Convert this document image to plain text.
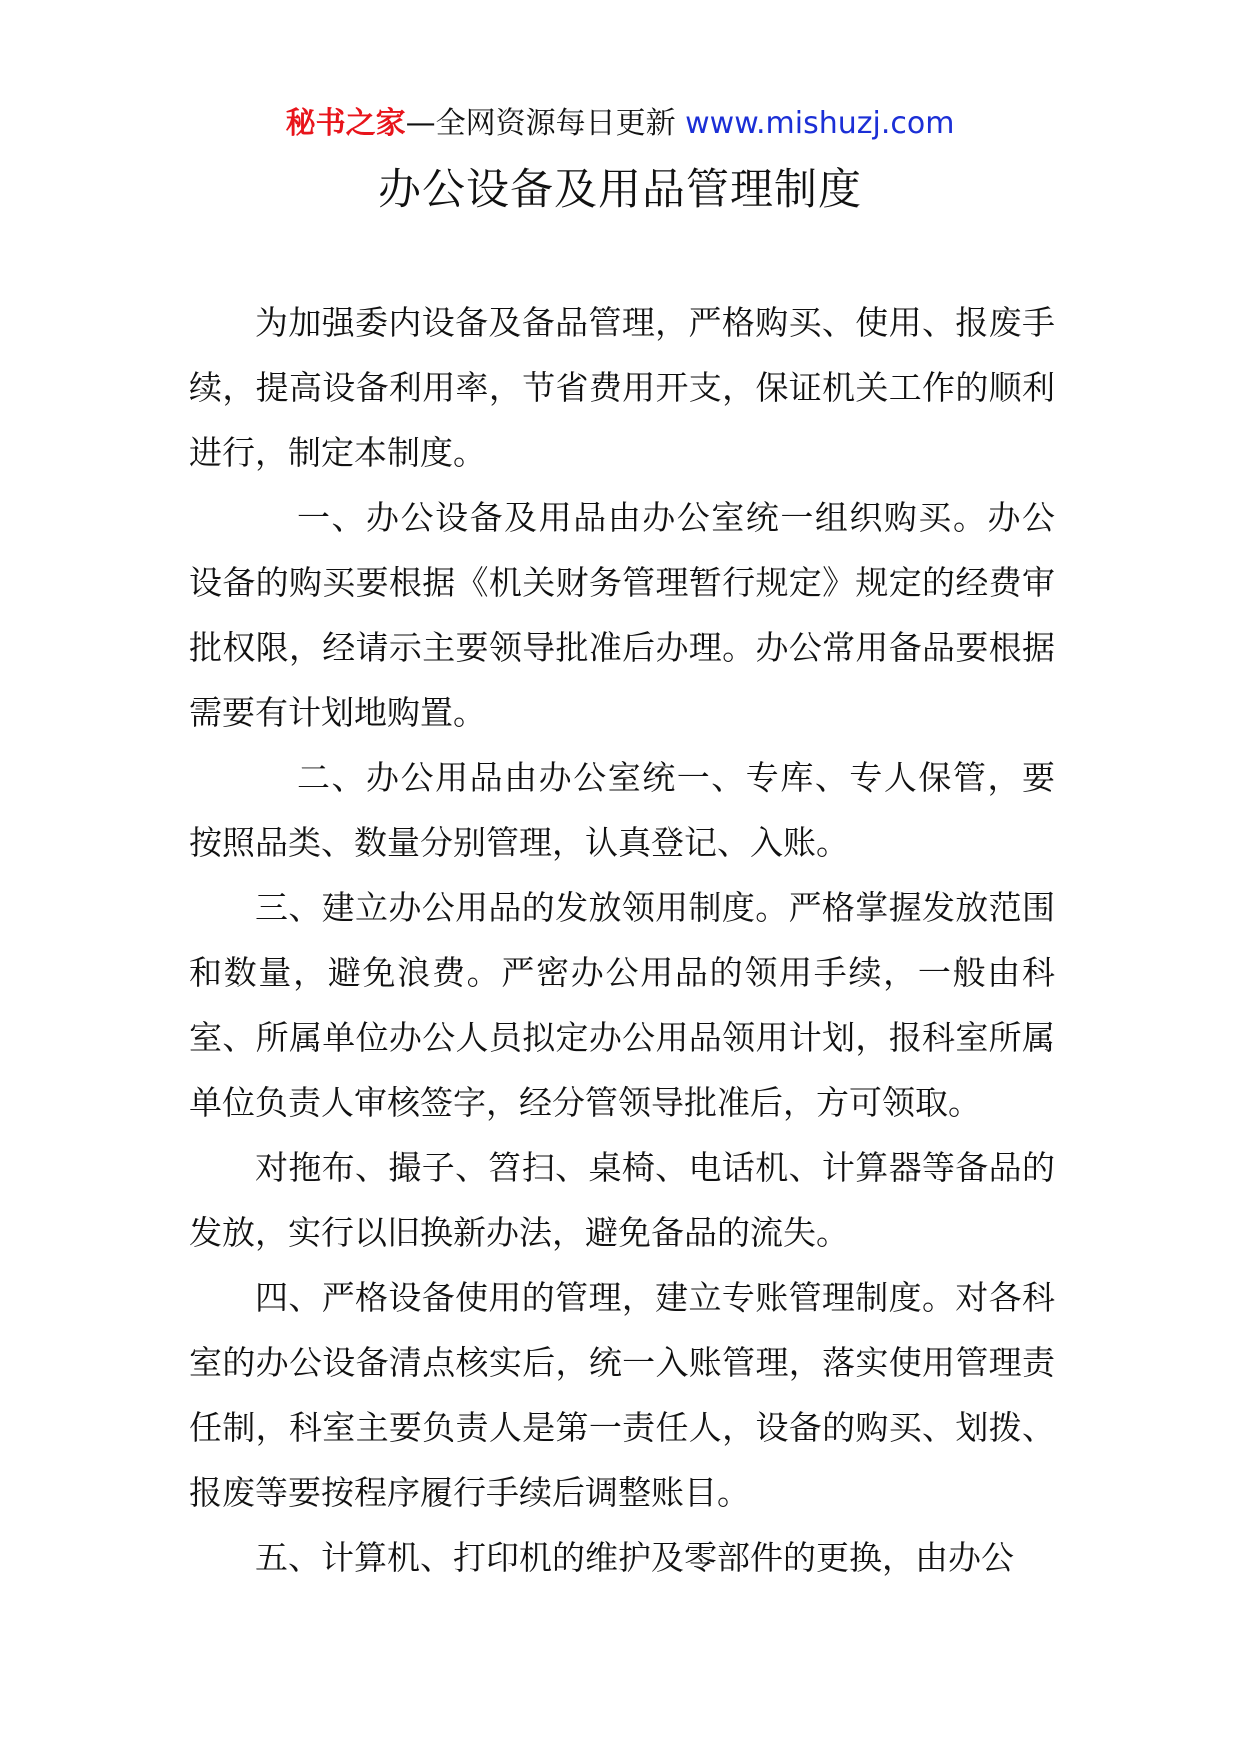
秘书之家—全网资源每日更新 www.mishuzj.com
办公设备及用品管理制度

为加强委内设备及备品管理，严格购买、使用、报废手续，提高设备利用率，节省费用开支，保证机关工作的顺利进行，制定本制度。

一、办公设备及用品由办公室统一组织购买。办公设备的购买要根据《机关财务管理暂行规定》规定的经费审批权限，经请示主要领导批准后办理。办公常用备品要根据需要有计划地购置。

二、办公用品由办公室统一、专库、专人保管，要按照品类、数量分别管理，认真登记、入账。

三、建立办公用品的发放领用制度。严格掌握发放范围和数量，避免浪费。严密办公用品的领用手续，一般由科室、所属单位办公人员拟定办公用品领用计划，报科室所属单位负责人审核签字，经分管领导批准后，方可领取。

对拖布、撮子、笤扫、桌椅、电话机、计算器等备品的发放，实行以旧换新办法，避免备品的流失。

四、严格设备使用的管理，建立专账管理制度。对各科室的办公设备清点核实后，统一入账管理，落实使用管理责任制，科室主要负责人是第一责任人，设备的购买、划拨、报废等要按程序履行手续后调整账目。

五、计算机、打印机的维护及零部件的更换，由办公
